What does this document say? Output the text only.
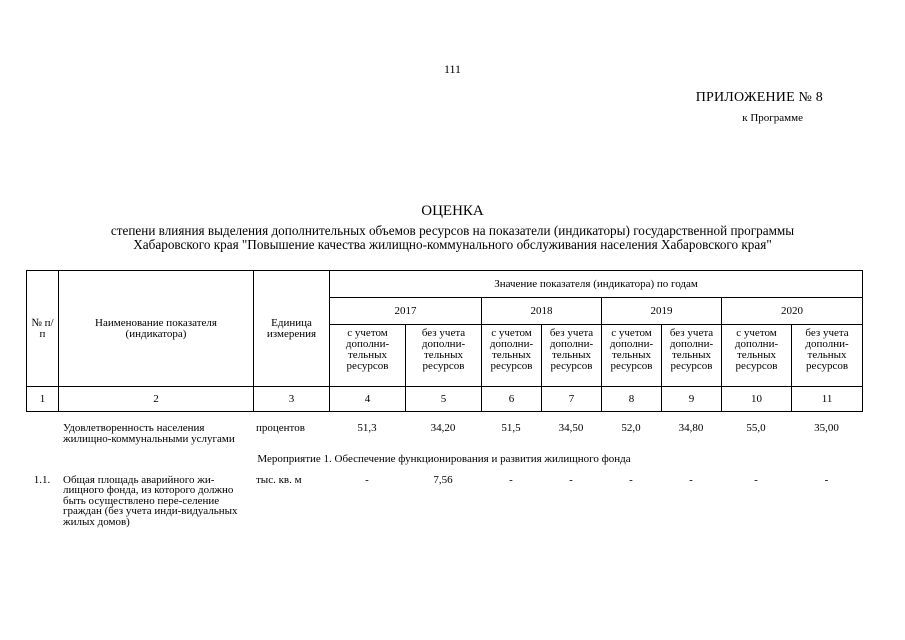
111
ПРИЛОЖЕНИЕ № 8
к Программе
ОЦЕНКА
степени влияния выделения дополнительных объемов ресурсов на показатели (индикаторы) государственной программы
Хабаровского края "Повышение качества жилищно-коммунального обслуживания населения Хабаровского края"
№ п/п	Наименование показателя (индикатора)	Единица измерения	Значение показателя (индикатора) по годам							
			2017		2018		2019		2020	
			с учетом дополни-тельных ресурсов	без учета дополни-тельных ресурсов	с учетом дополни-тельных ресурсов	без учета дополни-тельных ресурсов	с учетом дополни-тельных ресурсов	без учета дополни-тельных ресурсов	с учетом дополни-тельных ресурсов	без учета дополни-тельных ресурсов
1	2	3	4	5	6	7	8	9	10	11
	Удовлетворенность населения жилищно-коммунальными услугами	процентов	51,3	34,20	51,5	34,50	52,0	34,80	55,0	35,00
Мероприятие 1. Обеспечение функционирования и развития жилищного фонда										
1.1.	Общая площадь аварийного жи-лищного фонда, из которого должно быть осуществлено пере-селение граждан (без учета инди-видуальных жилых домов)	тыс. кв. м	-	7,56	-	-	-	-	-	-
